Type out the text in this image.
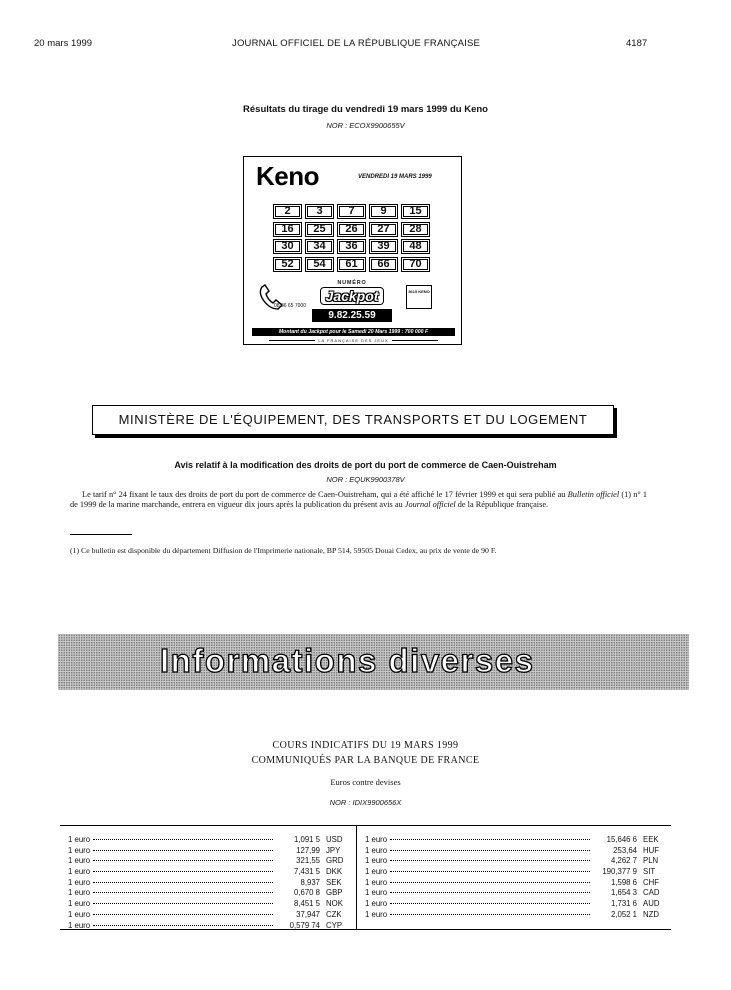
20 mars 1999	JOURNAL OFFICIEL DE LA RÉPUBLIQUE FRANÇAISE	4187
Résultats du tirage du vendredi 19 mars 1999 du Keno
NOR : ECOX9900655V
Keno	VENDREDI 19 MARS 1999
2	3	7	9	15
16	25	26	27	28
30	34	36	39	48
52	54	61	66	70
08 36 65 7000
NUMÉRO
Jackpot
9.82.25.59
3615 KENO
Montant du Jackpot pour le Samedi 20 Mars 1999 : 700 000 F
LA FRANÇAISE DES JEUX
MINISTÈRE DE L'ÉQUIPEMENT, DES TRANSPORTS ET DU LOGEMENT
Avis relatif à la modification des droits de port du port de commerce de Caen-Ouistreham
NOR : EQUK9900378V
Le tarif n° 24 fixant le taux des droits de port du port de commerce de Caen-Ouistreham, qui a été affiché le 17 février 1999 et qui sera publié au Bulletin officiel (1) n° 1 de 1999 de la marine marchande, entrera en vigueur dix jours après la publication du présent avis au Journal officiel de la République française.
(1) Ce bulletin est disponible du département Diffusion de l'Imprimerie nationale, BP 514, 59505 Douai Cedex, au prix de vente de 90 F.
Informations diverses
COURS INDICATIFS DU 19 MARS 1999
COMMUNIQUÉS PAR LA BANQUE DE FRANCE
Euros contre devises
NOR : IDIX9900656X
1 euro	1,091 5 USD
1 euro	127,99 JPY
1 euro	321,55 GRD
1 euro	7,431 5 DKK
1 euro	8,937 SEK
1 euro	0,670 8 GBP
1 euro	8,451 5 NOK
1 euro	37,947 CZK
1 euro	0,579 74 CYP
1 euro	15,646 6 EEK
1 euro	253,64 HUF
1 euro	4,262 7 PLN
1 euro	190,377 9 SIT
1 euro	1,598 6 CHF
1 euro	1,654 3 CAD
1 euro	1,731 6 AUD
1 euro	2,052 1 NZD
